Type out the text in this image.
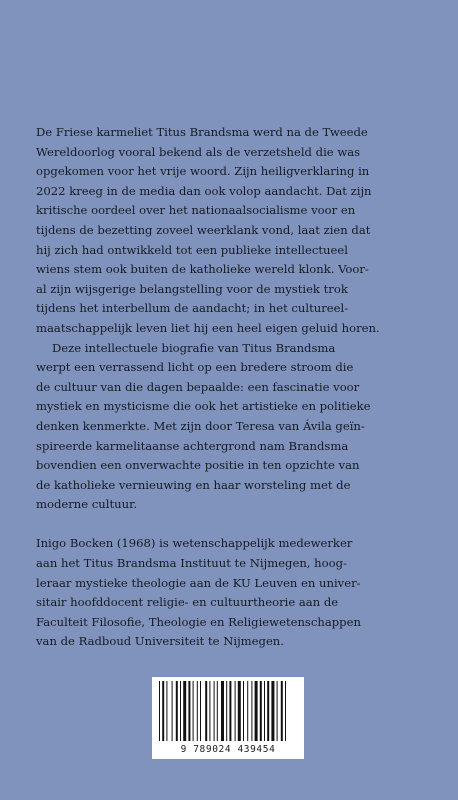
De Friese karmeliet Titus Brandsma werd na de Tweede
Wereldoorlog vooral bekend als de verzetsheld die was
opgekomen voor het vrije woord. Zijn heiligverklaring in
2022 kreeg in de media dan ook volop aandacht. Dat zijn
kritische oordeel over het nationaalsocialisme voor en
tijdens de bezetting zoveel weerklank vond, laat zien dat
hij zich had ontwikkeld tot een publieke intellectueel
wiens stem ook buiten de katholieke wereld klonk. Voor-
al zijn wijsgerige belangstelling voor de mystiek trok
tijdens het interbellum de aandacht; in het cultureel-
maatschappelijk leven liet hij een heel eigen geluid horen.

Deze intellectuele biografie van Titus Brandsma
werpt een verrassend licht op een bredere stroom die
de cultuur van die dagen bepaalde: een fascinatie voor
mystiek en mysticisme die ook het artistieke en politieke
denken kenmerkte. Met zijn door Teresa van Ávila geïn-
spireerde karmelitaanse achtergrond nam Brandsma
bovendien een onverwachte positie in ten opzichte van
de katholieke vernieuwing en haar worsteling met de
moderne cultuur.

Inigo Bocken (1968) is wetenschappelijk medewerker
aan het Titus Brandsma Instituut te Nijmegen, hoog-
leraar mystieke theologie aan de KU Leuven en univer-
sitair hoofddocent religie- en cultuurtheorie aan de
Faculteit Filosofie, Theologie en Religiewetenschappen
van de Radboud Universiteit te Nijmegen.

9 789024 439454
